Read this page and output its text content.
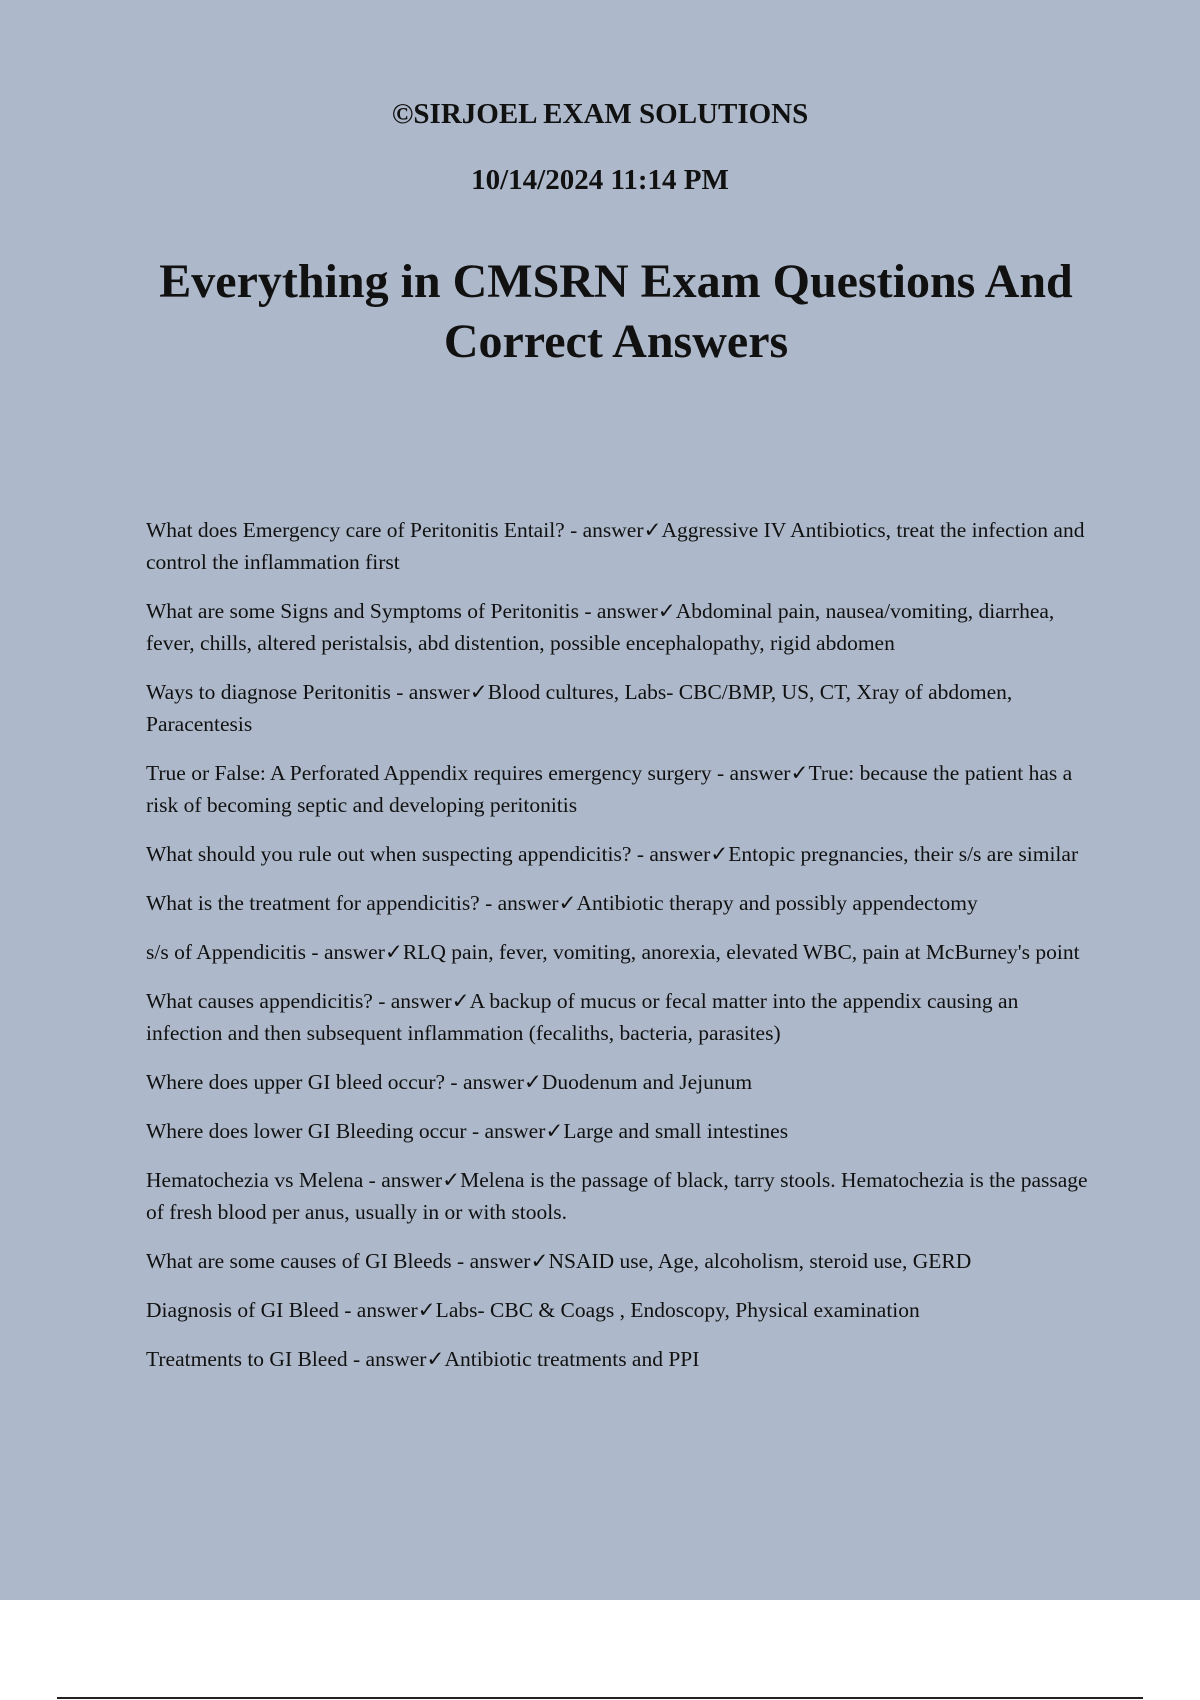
©SIRJOEL EXAM SOLUTIONS
10/14/2024 11:14 PM
Everything in CMSRN Exam Questions And Correct Answers
What does Emergency care of Peritonitis Entail? - answer✓Aggressive IV Antibiotics, treat the infection and control the inflammation first
What are some Signs and Symptoms of Peritonitis - answer✓Abdominal pain, nausea/vomiting, diarrhea, fever, chills, altered peristalsis, abd distention, possible encephalopathy, rigid abdomen
Ways to diagnose Peritonitis - answer✓Blood cultures, Labs- CBC/BMP, US, CT, Xray of abdomen, Paracentesis
True or False: A Perforated Appendix requires emergency surgery - answer✓True: because the patient has a risk of becoming septic and developing peritonitis
What should you rule out when suspecting appendicitis? - answer✓Entopic pregnancies, their s/s are similar
What is the treatment for appendicitis? - answer✓Antibiotic therapy and possibly appendectomy
s/s of Appendicitis - answer✓RLQ pain, fever, vomiting, anorexia, elevated WBC, pain at McBurney's point
What causes appendicitis? - answer✓A backup of mucus or fecal matter into the appendix causing an infection and then subsequent inflammation (fecaliths, bacteria, parasites)
Where does upper GI bleed occur? - answer✓Duodenum and Jejunum
Where does lower GI Bleeding occur - answer✓Large and small intestines
Hematochezia vs Melena - answer✓Melena is the passage of black, tarry stools. Hematochezia is the passage of fresh blood per anus, usually in or with stools.
What are some causes of GI Bleeds - answer✓NSAID use, Age, alcoholism, steroid use, GERD
Diagnosis of GI Bleed - answer✓Labs- CBC & Coags , Endoscopy, Physical examination
Treatments to GI Bleed - answer✓Antibiotic treatments and PPI
